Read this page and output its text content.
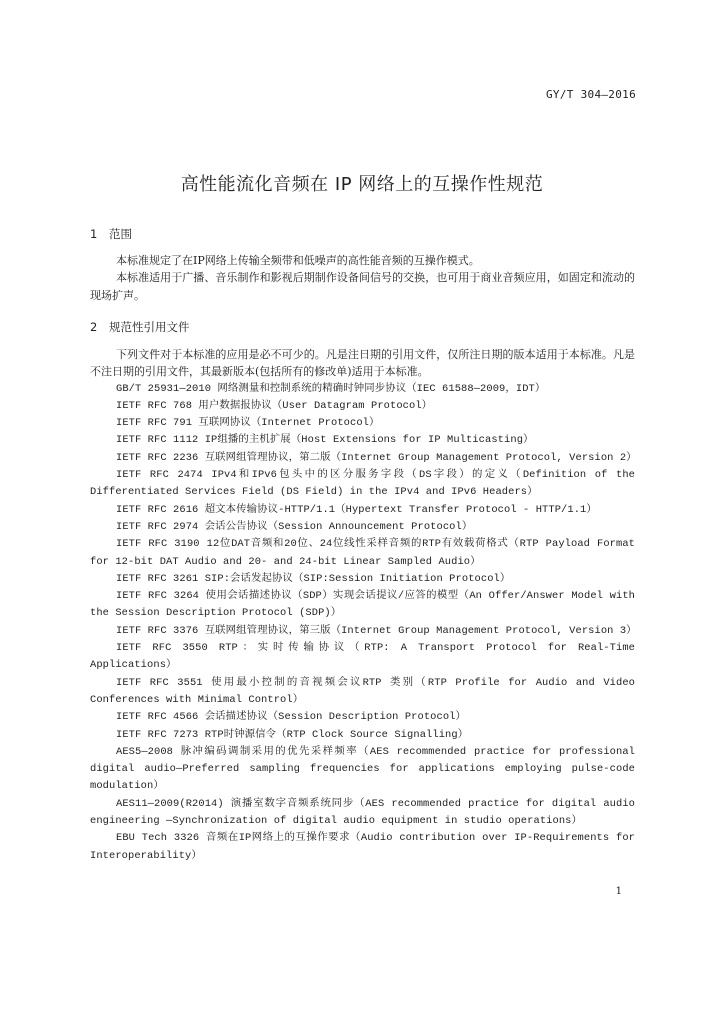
GY/T 304—2016
高性能流化音频在 IP 网络上的互操作性规范
1 范围

本标准规定了在IP网络上传输全频带和低噪声的高性能音频的互操作模式。

本标准适用于广播、音乐制作和影视后期制作设备间信号的交换，也可用于商业音频应用，如固定和流动的现场扩声。

2 规范性引用文件

下列文件对于本标准的应用是必不可少的。凡是注日期的引用文件，仅所注日期的版本适用于本标准。凡是不注日期的引用文件，其最新版本(包括所有的修改单)适用于本标准。

GB/T 25931—2010 网络测量和控制系统的精确时钟同步协议（IEC 61588—2009，IDT）

IETF RFC 768 用户数据报协议（User Datagram Protocol）

IETF RFC 791 互联网协议（Internet Protocol）

IETF RFC 1112 IP组播的主机扩展（Host Extensions for IP Multicasting）

IETF RFC 2236 互联网组管理协议，第二版（Internet Group Management Protocol, Version 2）

IETF RFC 2474 IPv4和IPv6包头中的区分服务字段（DS字段）的定义（Definition of the Differentiated Services Field (DS Field) in the IPv4 and IPv6 Headers）

IETF RFC 2616 超文本传输协议-HTTP/1.1（Hypertext Transfer Protocol - HTTP/1.1）

IETF RFC 2974 会话公告协议（Session Announcement Protocol）

IETF RFC 3190 12位DAT音频和20位、24位线性采样音频的RTP有效载荷格式（RTP Payload Format for 12-bit DAT Audio and 20- and 24-bit Linear Sampled Audio）

IETF RFC 3261 SIP:会话发起协议（SIP:Session Initiation Protocol）

IETF RFC 3264 使用会话描述协议（SDP）实现会话提议/应答的模型（An Offer/Answer Model with the Session Description Protocol (SDP)）

IETF RFC 3376 互联网组管理协议，第三版（Internet Group Management Protocol, Version 3）

IETF RFC 3550 RTP：实时传输协议（RTP: A Transport Protocol for Real-Time Applications）

IETF RFC 3551 使用最小控制的音视频会议RTP 类别（RTP Profile for Audio and Video Conferences with Minimal Control）

IETF RFC 4566 会话描述协议（Session Description Protocol）

IETF RFC 7273 RTP时钟源信令（RTP Clock Source Signalling）

AES5—2008 脉冲编码调制采用的优先采样频率（AES recommended practice for professional digital audio—Preferred sampling frequencies for applications employing pulse-code modulation）

AES11—2009(R2014) 演播室数字音频系统同步（AES recommended practice for digital audio engineering —Synchronization of digital audio equipment in studio operations）

EBU Tech 3326 音频在IP网络上的互操作要求（Audio contribution over IP-Requirements for Interoperability）

1
